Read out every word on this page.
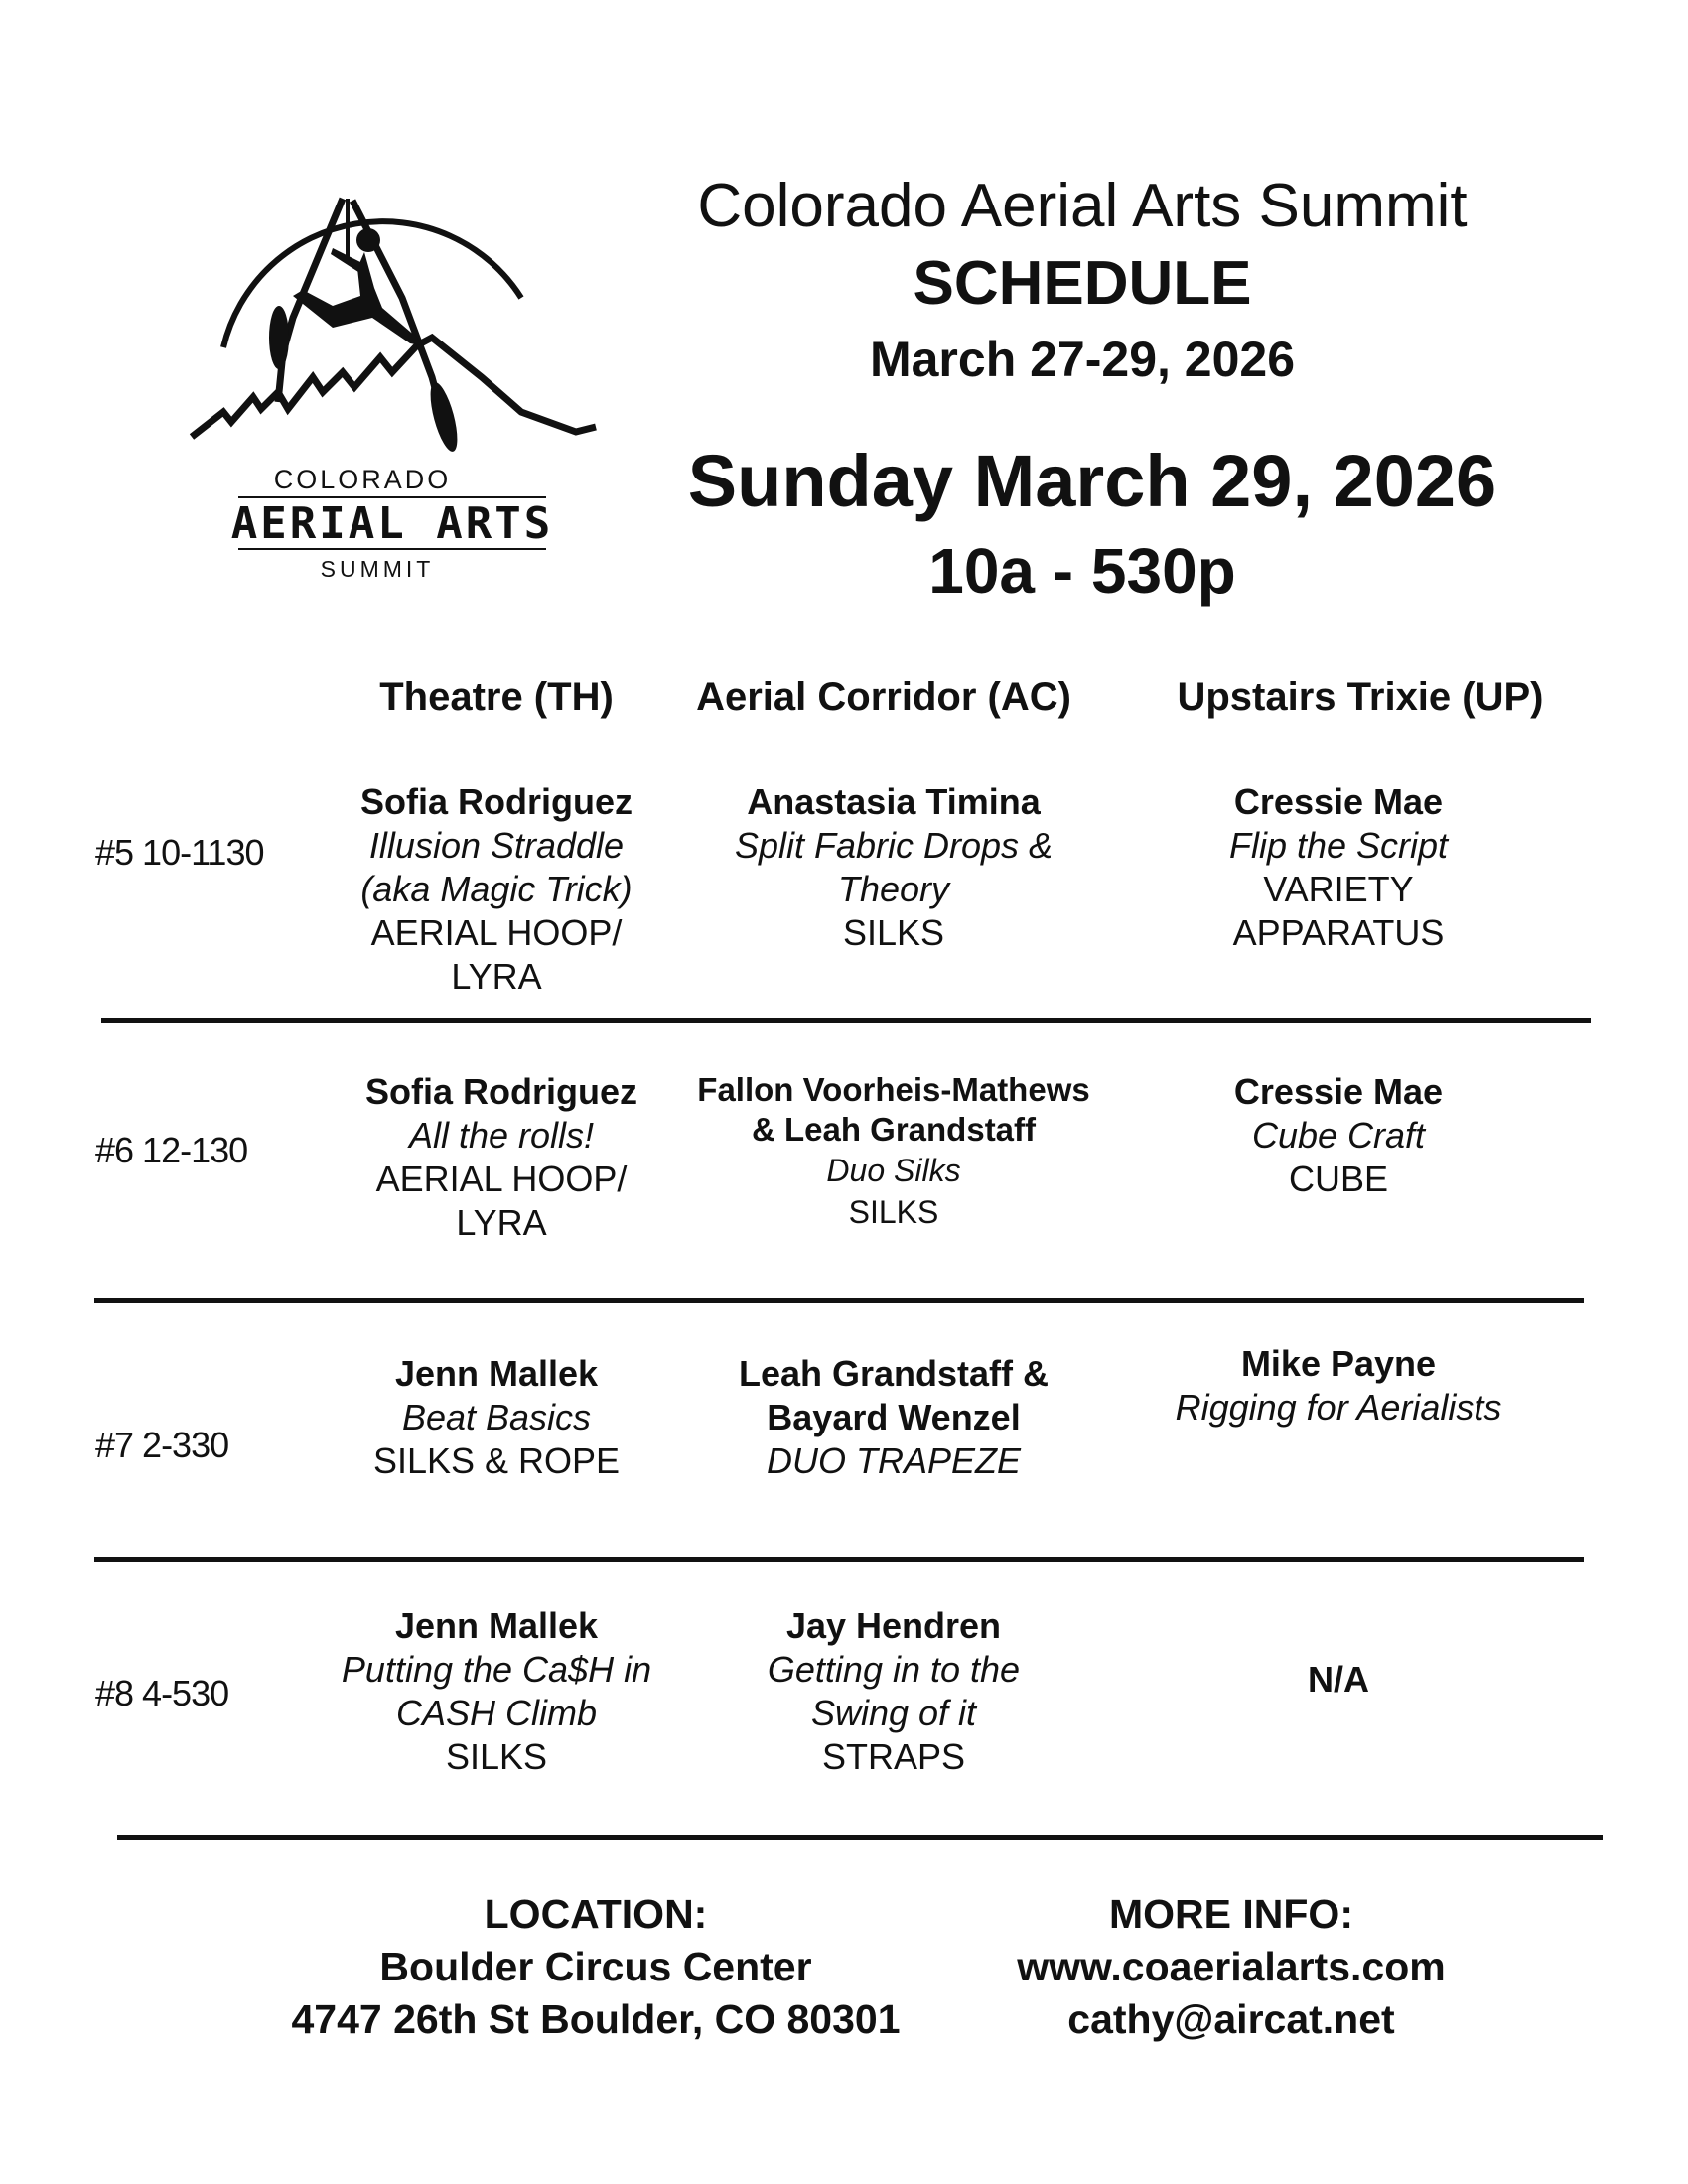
COLORADO
AERIAL ARTS
SUMMIT
Colorado Aerial Arts Summit
SCHEDULE
March 27-29, 2026
Sunday March 29, 2026
10a - 530p
Theatre (TH)	Aerial Corridor (AC)	Upstairs Trixie (UP)
#5 10-1130
Sofia Rodriguez
Illusion Straddle
(aka Magic Trick)
AERIAL HOOP/
LYRA
Anastasia Timina
Split Fabric Drops &
Theory
SILKS
Cressie Mae
Flip the Script
VARIETY
APPARATUS
#6 12-130
Sofia Rodriguez
All the rolls!
AERIAL HOOP/
LYRA
Fallon Voorheis-Mathews
& Leah Grandstaff
Duo Silks
SILKS
Cressie Mae
Cube Craft
CUBE
#7 2-330
Jenn Mallek
Beat Basics
SILKS & ROPE
Leah Grandstaff &
Bayard Wenzel
DUO TRAPEZE
Mike Payne
Rigging for Aerialists
#8 4-530
Jenn Mallek
Putting the Ca$H in
CASH Climb
SILKS
Jay Hendren
Getting in to the
Swing of it
STRAPS
N/A
LOCATION:
Boulder Circus Center
4747 26th St Boulder, CO 80301
MORE INFO:
www.coaerialarts.com
cathy@aircat.net
